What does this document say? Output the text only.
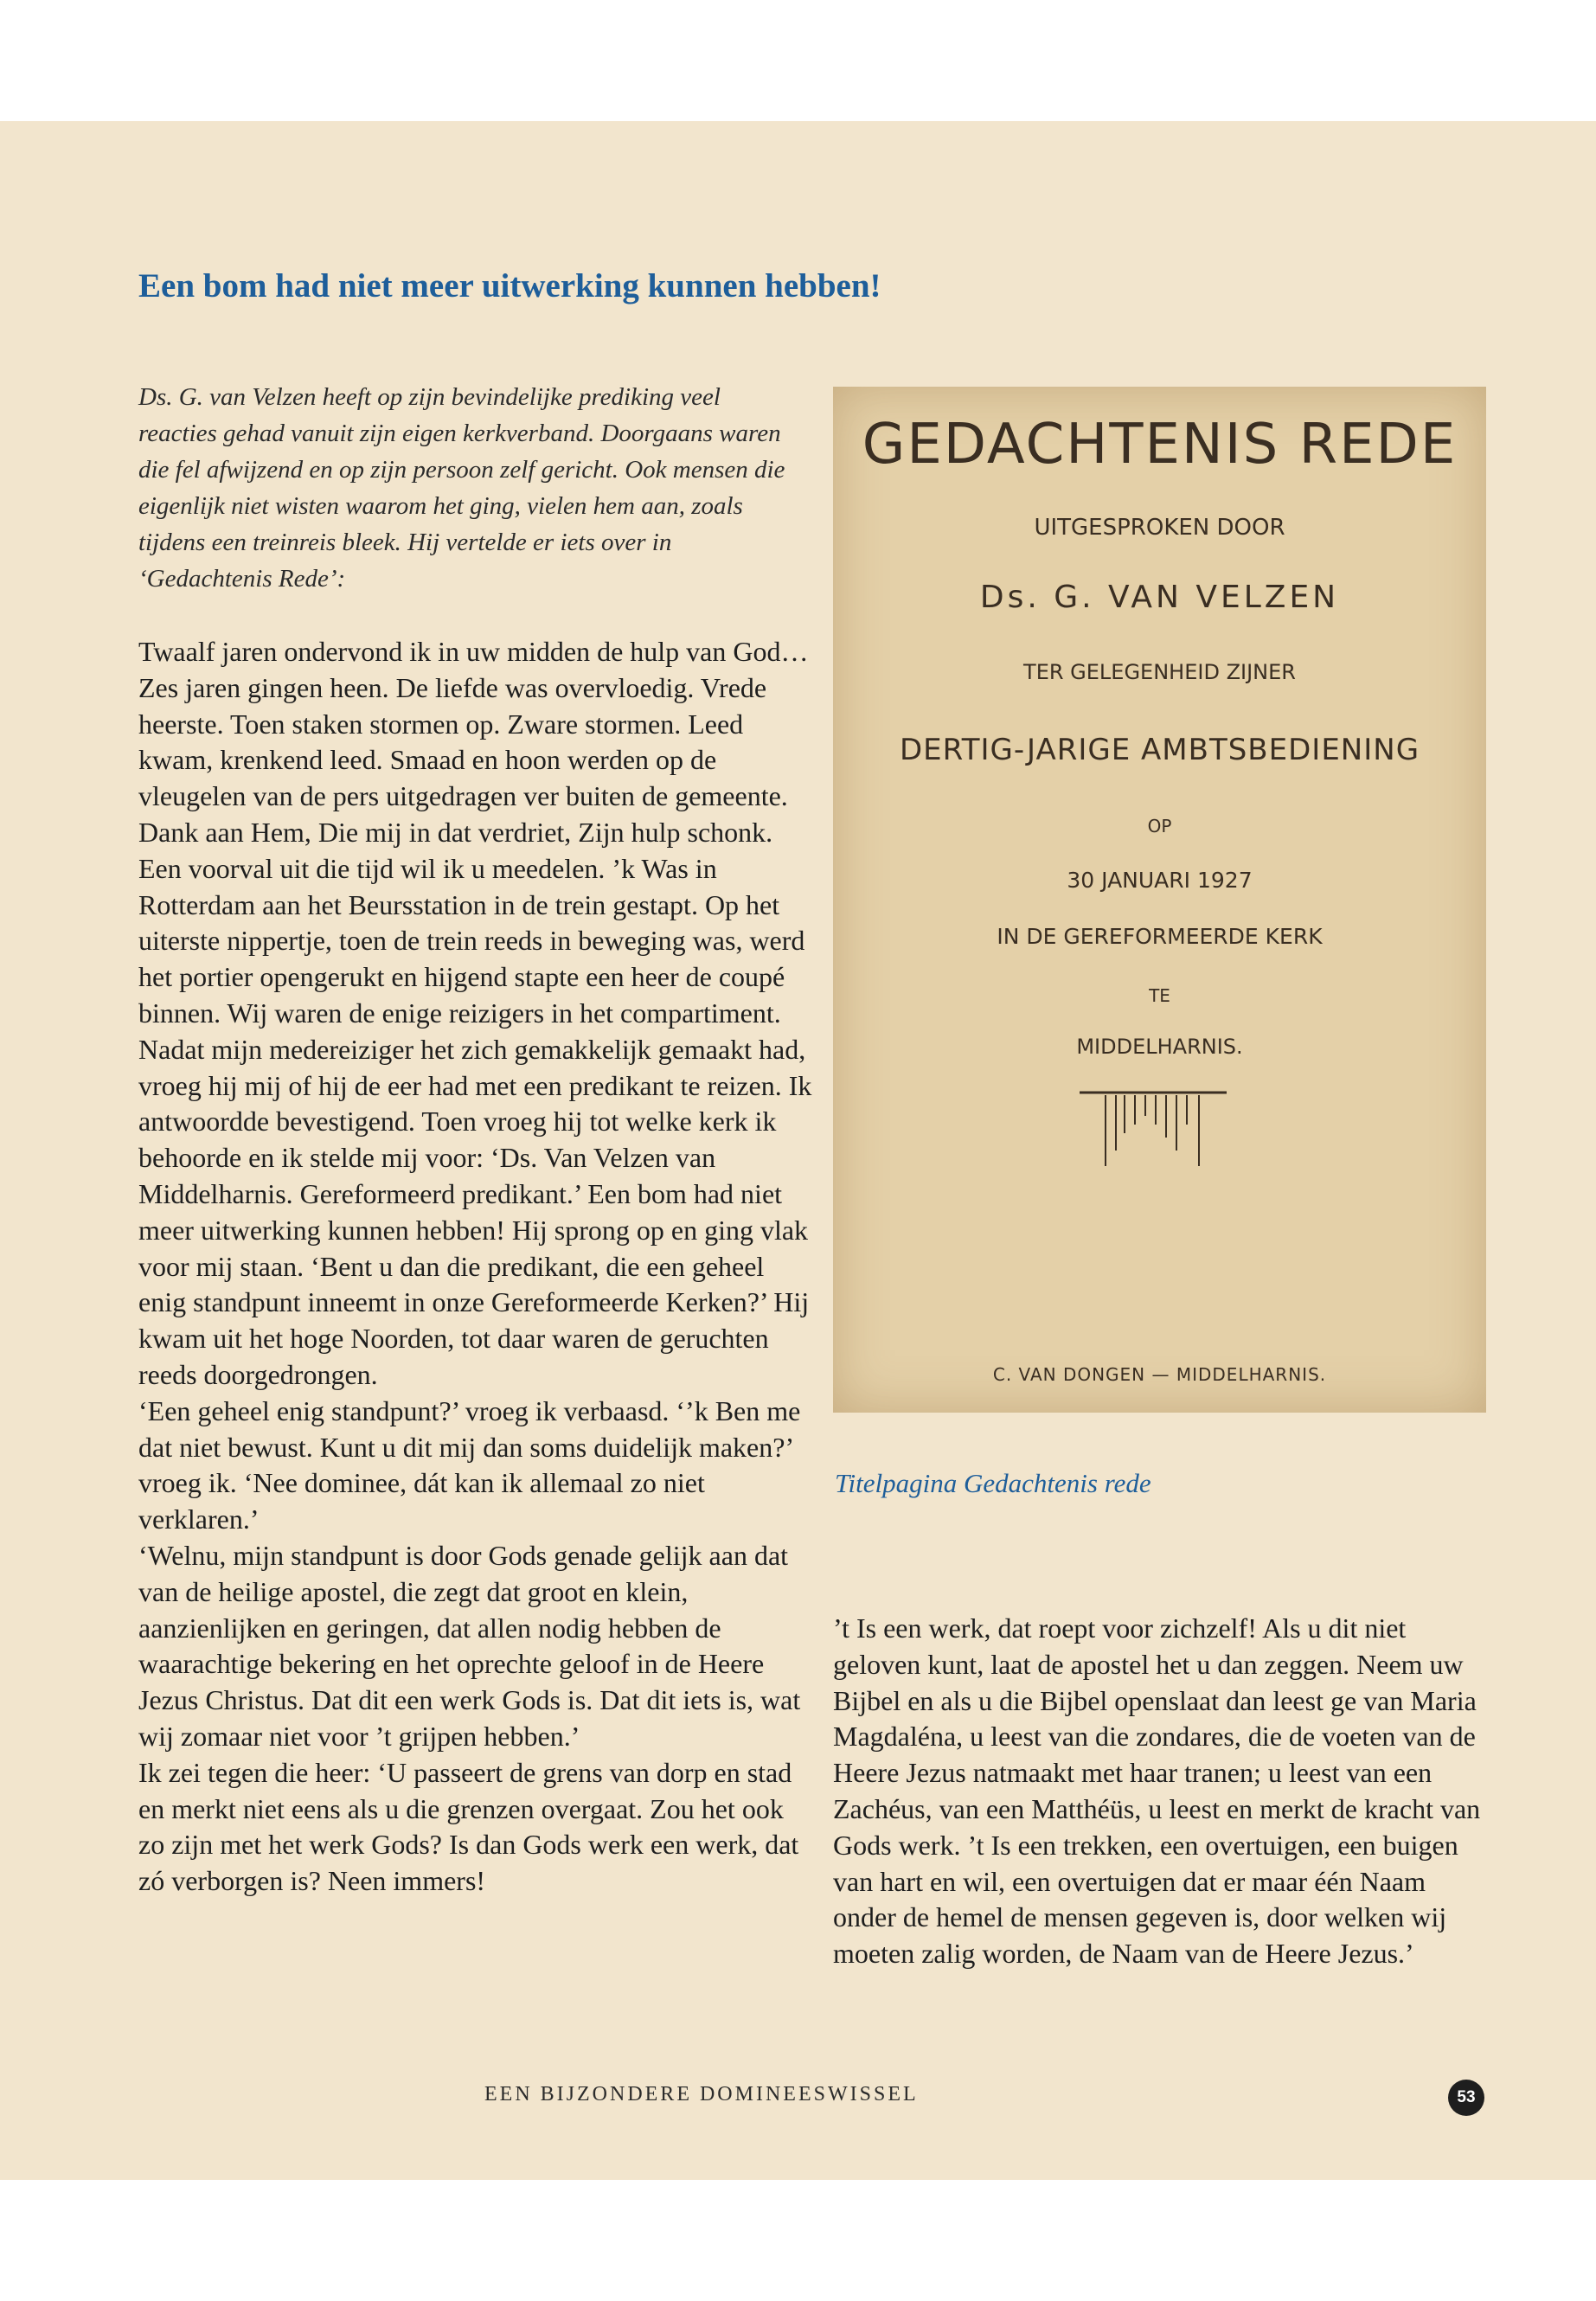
Een bom had niet meer uitwerking kunnen hebben!

Ds. G. van Velzen heeft op zijn bevindelijke prediking veel reacties gehad vanuit zijn eigen kerkverband. Doorgaans waren die fel afwijzend en op zijn persoon zelf gericht. Ook mensen die eigenlijk niet wisten waarom het ging, vielen hem aan, zoals tijdens een treinreis bleek. Hij vertelde er iets over in ‘Gedachtenis Rede’:

Twaalf jaren ondervond ik in uw midden de hulp van God… Zes jaren gingen heen. De liefde was overvloedig. Vrede heerste. Toen staken stormen op. Zware stormen. Leed kwam, krenkend leed. Smaad en hoon werden op de vleugelen van de pers uitgedragen ver buiten de gemeente. Dank aan Hem, Die mij in dat verdriet, Zijn hulp schonk.

Een voorval uit die tijd wil ik u meedelen. ’k Was in Rotterdam aan het Beursstation in de trein gestapt. Op het uiterste nippertje, toen de trein reeds in beweging was, werd het portier opengerukt en hijgend stapte een heer de coupé binnen. Wij waren de enige reizigers in het compartiment. Nadat mijn medereiziger het zich gemakkelijk gemaakt had, vroeg hij mij of hij de eer had met een predikant te reizen. Ik antwoordde bevestigend. Toen vroeg hij tot welke kerk ik behoorde en ik stelde mij voor: ‘Ds. Van Velzen van Middelharnis. Gereformeerd predikant.’ Een bom had niet meer uitwerking kunnen hebben! Hij sprong op en ging vlak voor mij staan. ‘Bent u dan die predikant, die een geheel enig standpunt inneemt in onze Gereformeerde Kerken?’ Hij kwam uit het hoge Noorden, tot daar waren de geruchten reeds doorgedrongen.

‘Een geheel enig standpunt?’ vroeg ik verbaasd. ‘’k Ben me dat niet bewust. Kunt u dit mij dan soms duidelijk maken?’ vroeg ik. ‘Nee dominee, dát kan ik allemaal zo niet verklaren.’

‘Welnu, mijn standpunt is door Gods genade gelijk aan dat van de heilige apostel, die zegt dat groot en klein, aanzienlijken en geringen, dat allen nodig hebben de waarachtige bekering en het oprechte geloof in de Heere Jezus Christus. Dat dit een werk Gods is. Dat dit iets is, wat wij zomaar niet voor ’t grijpen hebben.’

Ik zei tegen die heer: ‘U passeert de grens van dorp en stad en merkt niet eens als u die grenzen overgaat. Zou het ook zo zijn met het werk Gods? Is dan Gods werk een werk, dat zó verborgen is? Neen immers!

GEDACHTENIS REDE
UITGESPROKEN DOOR
Ds. G. VAN VELZEN
TER GELEGENHEID ZIJNER
DERTIG-JARIGE AMBTSBEDIENING
OP
30 JANUARI 1927
IN DE GEREFORMEERDE KERK
TE
MIDDELHARNIS.
C. VAN DONGEN — MIDDELHARNIS.
Titelpagina Gedachtenis rede

’t Is een werk, dat roept voor zichzelf! Als u dit niet geloven kunt, laat de apostel het u dan zeggen. Neem uw Bijbel en als u die Bijbel openslaat dan leest ge van Maria Magdaléna, u leest van die zondares, die de voeten van de Heere Jezus natmaakt met haar tranen; u leest van een Zachéus, van een Matthéüs, u leest en merkt de kracht van Gods werk. ’t Is een trekken, een overtuigen, een buigen van hart en wil, een overtuigen dat er maar één Naam onder de hemel de mensen gegeven is, door welken wij moeten zalig worden, de Naam van de Heere Jezus.’

EEN BIJZONDERE DOMINEESWISSEL	53
